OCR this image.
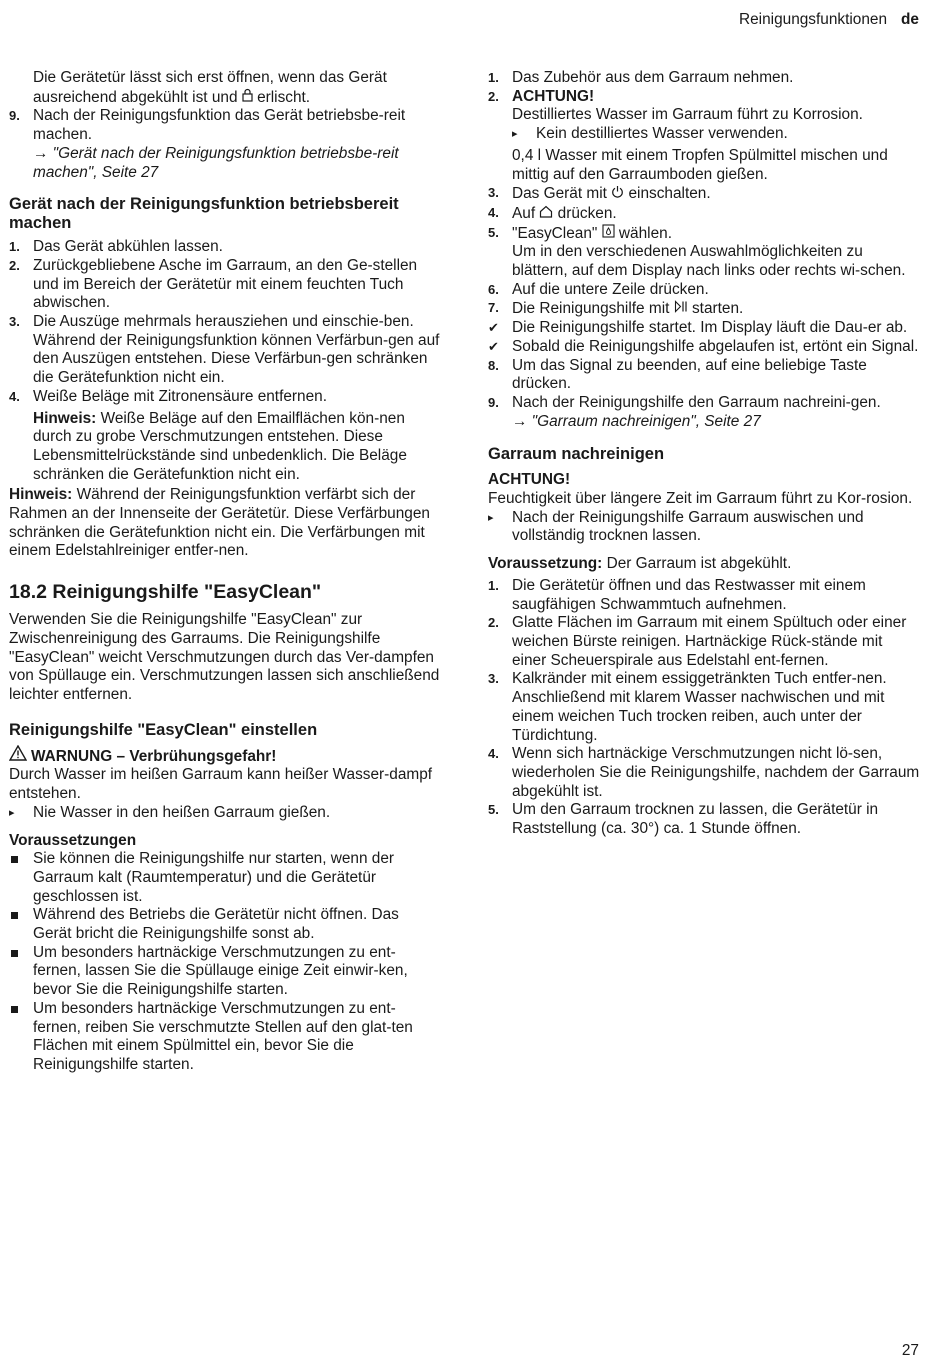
Reinigungsfunktionen de

Die Gerätetür lässt sich erst öffnen, wenn das Gerät ausreichend abgekühlt ist und erlischt.

9. Nach der Reinigungsfunktion das Gerät betriebsbe-reit machen.
→ "Gerät nach der Reinigungsfunktion betriebsbe-reit machen", Seite 27
Gerät nach der Reinigungsfunktion betriebsbereit machen
1. Das Gerät abkühlen lassen.
2. Zurückgebliebene Asche im Garraum, an den Ge-stellen und im Bereich der Gerätetür mit einem feuchten Tuch abwischen.
3. Die Auszüge mehrmals herausziehen und einschie-ben.
Während der Reinigungsfunktion können Verfärbun-gen auf den Auszügen entstehen. Diese Verfärbun-gen schränken die Gerätefunktion nicht ein.
4. Weiße Beläge mit Zitronensäure entfernen.
Hinweis: Weiße Beläge auf den Emailflächen kön-nen durch zu grobe Verschmutzungen entstehen. Diese Lebensmittelrückstände sind unbedenklich. Die Beläge schränken die Gerätefunktion nicht ein.

Hinweis: Während der Reinigungsfunktion verfärbt sich der Rahmen an der Innenseite der Gerätetür. Diese Verfärbungen schränken die Gerätefunktion nicht ein. Die Verfärbungen mit einem Edelstahlreiniger entfer-nen.

18.2 Reinigungshilfe "EasyClean"

Verwenden Sie die Reinigungshilfe "EasyClean" zur Zwischenreinigung des Garraums. Die Reinigungshilfe "EasyClean" weicht Verschmutzungen durch das Ver-dampfen von Spüllauge ein. Verschmutzungen lassen sich anschließend leichter entfernen.

Reinigungshilfe "EasyClean" einstellen
WARNUNG – Verbrühungsgefahr!

Durch Wasser im heißen Garraum kann heißer Wasser-dampf entstehen.

▸ Nie Wasser in den heißen Garraum gießen.
Voraussetzungen
Sie können die Reinigungshilfe nur starten, wenn der Garraum kalt (Raumtemperatur) und die Gerätetür geschlossen ist.
Während des Betriebs die Gerätetür nicht öffnen. Das Gerät bricht die Reinigungshilfe sonst ab.
Um besonders hartnäckige Verschmutzungen zu ent-fernen, lassen Sie die Spüllauge einige Zeit einwir-ken, bevor Sie die Reinigungshilfe starten.
Um besonders hartnäckige Verschmutzungen zu ent-fernen, reiben Sie verschmutzte Stellen auf den glat-ten Flächen mit einem Spülmittel ein, bevor Sie die Reinigungshilfe starten.
1. Das Zubehör aus dem Garraum nehmen.
2. ACHTUNG!
Destilliertes Wasser im Garraum führt zu Korrosion.
▸ Kein destilliertes Wasser verwenden.
0,4 l Wasser mit einem Tropfen Spülmittel mischen und mittig auf den Garraumboden gießen.
3. Das Gerät mit einschalten.
4. Auf drücken.
5. "EasyClean" wählen.
Um in den verschiedenen Auswahlmöglichkeiten zu blättern, auf dem Display nach links oder rechts wi-schen.
6. Auf die untere Zeile drücken.
7. Die Reinigungshilfe mit starten.
✔ Die Reinigungshilfe startet. Im Display läuft die Dau-er ab.
✔ Sobald die Reinigungshilfe abgelaufen ist, ertönt ein Signal.
8. Um das Signal zu beenden, auf eine beliebige Taste drücken.
9. Nach der Reinigungshilfe den Garraum nachreini-gen.
→ "Garraum nachreinigen", Seite 27
Garraum nachreinigen
ACHTUNG!

Feuchtigkeit über längere Zeit im Garraum führt zu Kor-rosion.

▸ Nach der Reinigungshilfe Garraum auswischen und vollständig trocknen lassen.

Voraussetzung: Der Garraum ist abgekühlt.

1. Die Gerätetür öffnen und das Restwasser mit einem saugfähigen Schwammtuch aufnehmen.
2. Glatte Flächen im Garraum mit einem Spültuch oder einer weichen Bürste reinigen. Hartnäckige Rück-stände mit einer Scheuerspirale aus Edelstahl ent-fernen.
3. Kalkränder mit einem essiggetränkten Tuch entfer-nen. Anschließend mit klarem Wasser nachwischen und mit einem weichen Tuch trocken reiben, auch unter der Türdichtung.
4. Wenn sich hartnäckige Verschmutzungen nicht lö-sen, wiederholen Sie die Reinigungshilfe, nachdem der Garraum abgekühlt ist.
5. Um den Garraum trocknen zu lassen, die Gerätetür in Raststellung (ca. 30°) ca. 1 Stunde öffnen.
27
